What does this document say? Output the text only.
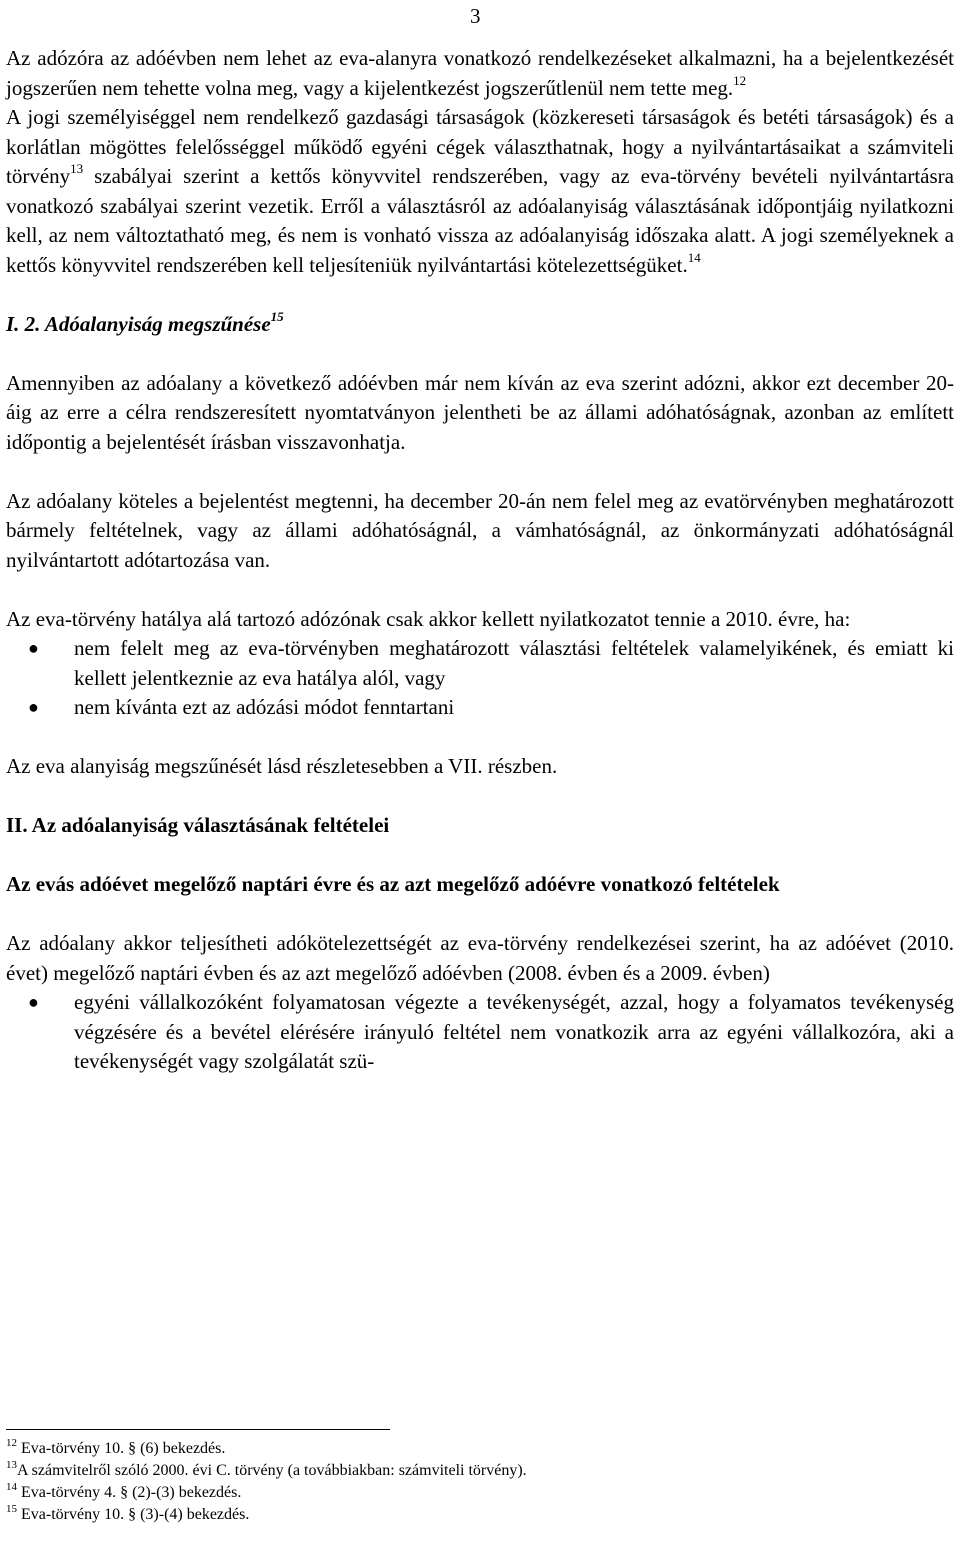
3

Az adózóra az adóévben nem lehet az eva-alanyra vonatkozó rendelkezéseket alkalmazni, ha a bejelentkezését jogszerűen nem tehette volna meg, vagy a kijelentkezést jogszerűtlenül nem tette meg.$^{12}$

A jogi személyiséggel nem rendelkező gazdasági társaságok (közkereseti társaságok és betéti társaságok) és a korlátlan mögöttes felelősséggel működő egyéni cégek választhatnak, hogy a nyilvántartásaikat a számviteli törvény$^{13}$ szabályai szerint a kettős könyvvitel rendszerében, vagy az eva-törvény bevételi nyilvántartásra vonatkozó szabályai szerint vezetik. Erről a választásról az adóalanyiság választásának időpontjáig nyilatkozni kell, az nem változtatható meg, és nem is vonható vissza az adóalanyiság időszaka alatt. A jogi személyeknek a kettős könyvvitel rendszerében kell teljesíteniük nyilvántartási kötelezettségüket.$^{14}$

I. 2. Adóalanyiság megszűnése$^{15}$

Amennyiben az adóalany a következő adóévben már nem kíván az eva szerint adózni, akkor ezt december 20-áig az erre a célra rendszeresített nyomtatványon jelentheti be az állami adóhatóságnak, azonban az említett időpontig a bejelentését írásban visszavonhatja.

Az adóalany köteles a bejelentést megtenni, ha december 20-án nem felel meg az evatörvényben meghatározott bármely feltételnek, vagy az állami adóhatóságnál, a vámhatóságnál, az önkormányzati adóhatóságnál nyilvántartott adótartozása van.

Az eva-törvény hatálya alá tartozó adózónak csak akkor kellett nyilatkozatot tennie a 2010. évre, ha:

● nem felelt meg az eva-törvényben meghatározott választási feltételek valamelyikének, és emiatt ki kellett jelentkeznie az eva hatálya alól, vagy
● nem kívánta ezt az adózási módot fenntartani

Az eva alanyiság megszűnését lásd részletesebben a VII. részben.

II. Az adóalanyiság választásának feltételei
Az evás adóévet megelőző naptári évre és az azt megelőző adóévre vonatkozó feltételek

Az adóalany akkor teljesítheti adókötelezettségét az eva-törvény rendelkezései szerint, ha az adóévet (2010. évet) megelőző naptári évben és az azt megelőző adóévben (2008. évben és a 2009. évben)

● egyéni vállalkozóként folyamatosan végezte a tevékenységét, azzal, hogy a folyamatos tevékenység végzésére és a bevétel elérésére irányuló feltétel nem vonatkozik arra az egyéni vállalkozóra, aki a tevékenységét vagy szolgálatát szü-
$^{12}$ Eva-törvény 10. § (6) bekezdés.
$^{13}$A számvitelről szóló 2000. évi C. törvény (a továbbiakban: számviteli törvény).
$^{14}$ Eva-törvény 4. § (2)-(3) bekezdés.
$^{15}$ Eva-törvény 10. § (3)-(4) bekezdés.
